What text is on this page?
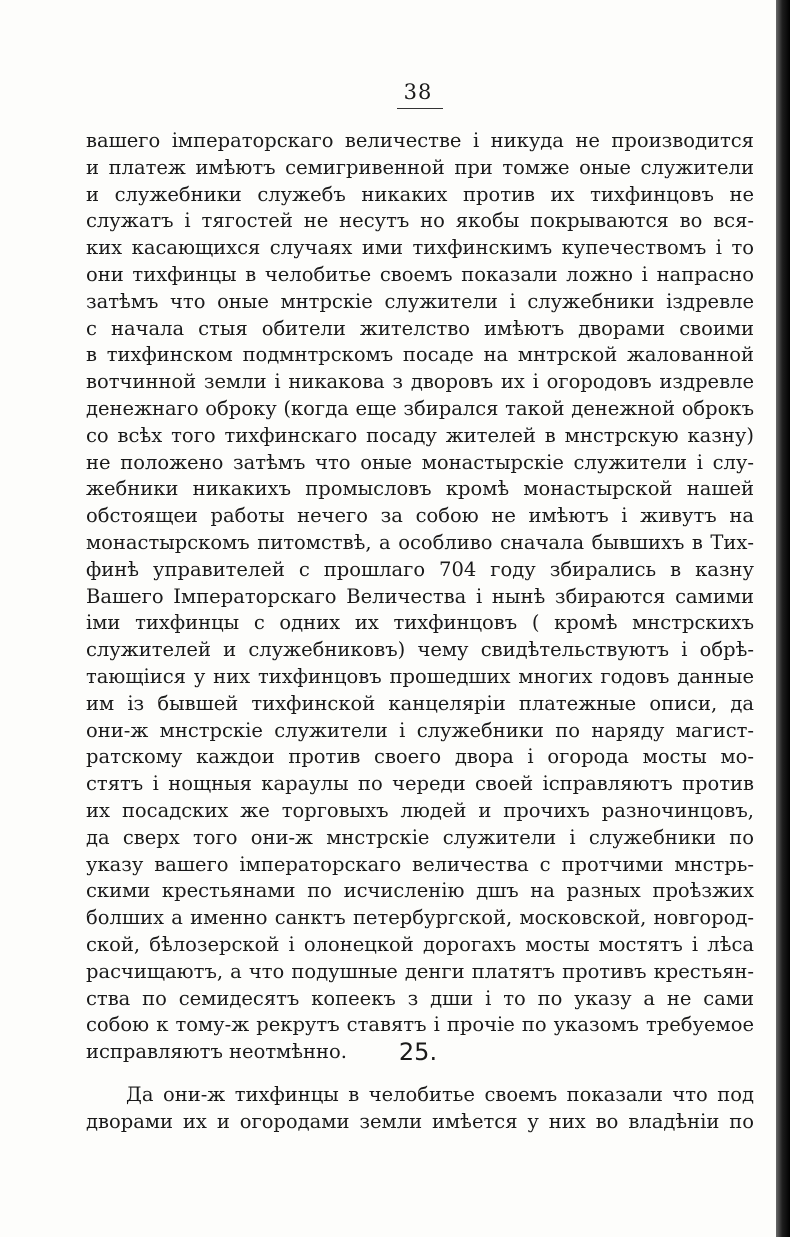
38
вашего імператорскаго величестве і никуда не производится
и платеж имѣютъ семигривенной при томже оные служители
и служебники служебъ никаких против их тихфинцовъ не
служатъ і тягостей не несутъ но якобы покрываются во вся-
ких касающихся случаях ими тихфинскимъ купечествомъ і то
они тихфинцы в челобитье своемъ показали ложно і напрасно
затѣмъ что оные мнтрскіе служители і служебники іздревле
с начала стыя обители жителство имѣютъ дворами своими
в тихфинском подмнтрскомъ посаде на мнтрской жалованной
вотчинной земли і никакова з дворовъ их і огородовъ издревле
денежнаго оброку (когда еще збирался такой денежной оброкъ
со всѣх того тихфинскаго посаду жителей в мнстрскую казну)
не положено затѣмъ что оные монастырскіе служители і слу-
жебники никакихъ промысловъ кромѣ монастырской нашей
обстоящеи работы нечего за собою не имѣютъ і живутъ на
монастырскомъ питомствѣ, а особливо сначала бывшихъ в Тих-
финѣ управителей с прошлаго 704 году збирались в казну
Вашего Імператорскаго Величества і нынѣ збираются самими
іми тихфинцы с одних их тихфинцовъ ( кромѣ мнстрскихъ
служителей и служебниковъ) чему свидѣтельствуютъ і обрѣ-
тающіися у них тихфинцовъ прошедших многих годовъ данные
им із бывшей тихфинской канцеляріи платежные описи, да
они-ж мнстрскіе служители і служебники по наряду магист-
ратскому каждои против своего двора і огорода мосты мо-
стятъ і нощныя караулы по череди своей ісправляютъ против
их посадских же торговыхъ людей и прочихъ разночинцовъ,
да сверх того они-ж мнстрскіе служители і служебники по
указу вашего імператорскаго величества с протчими мнстрь-
скими крестьянами по исчисленію дшъ на разных проѣзжих
болших а именно санктъ петербургской, московской, новгород-
ской, бѣлозерской і олонецкой дорогахъ мосты мостятъ і лѣса
расчищаютъ, а что подушные денги платятъ противъ крестьян-
ства по семидесятъ копеекъ з дши і то по указу а не сами
собою к тому-ж рекрутъ ставятъ і прочіе по указомъ требуемое
исправляютъ неотмѣнно.	25.
Да они-ж тихфинцы в челобитье своемъ показали что под
дворами их и огородами земли имѣется у них во владѣніи по
